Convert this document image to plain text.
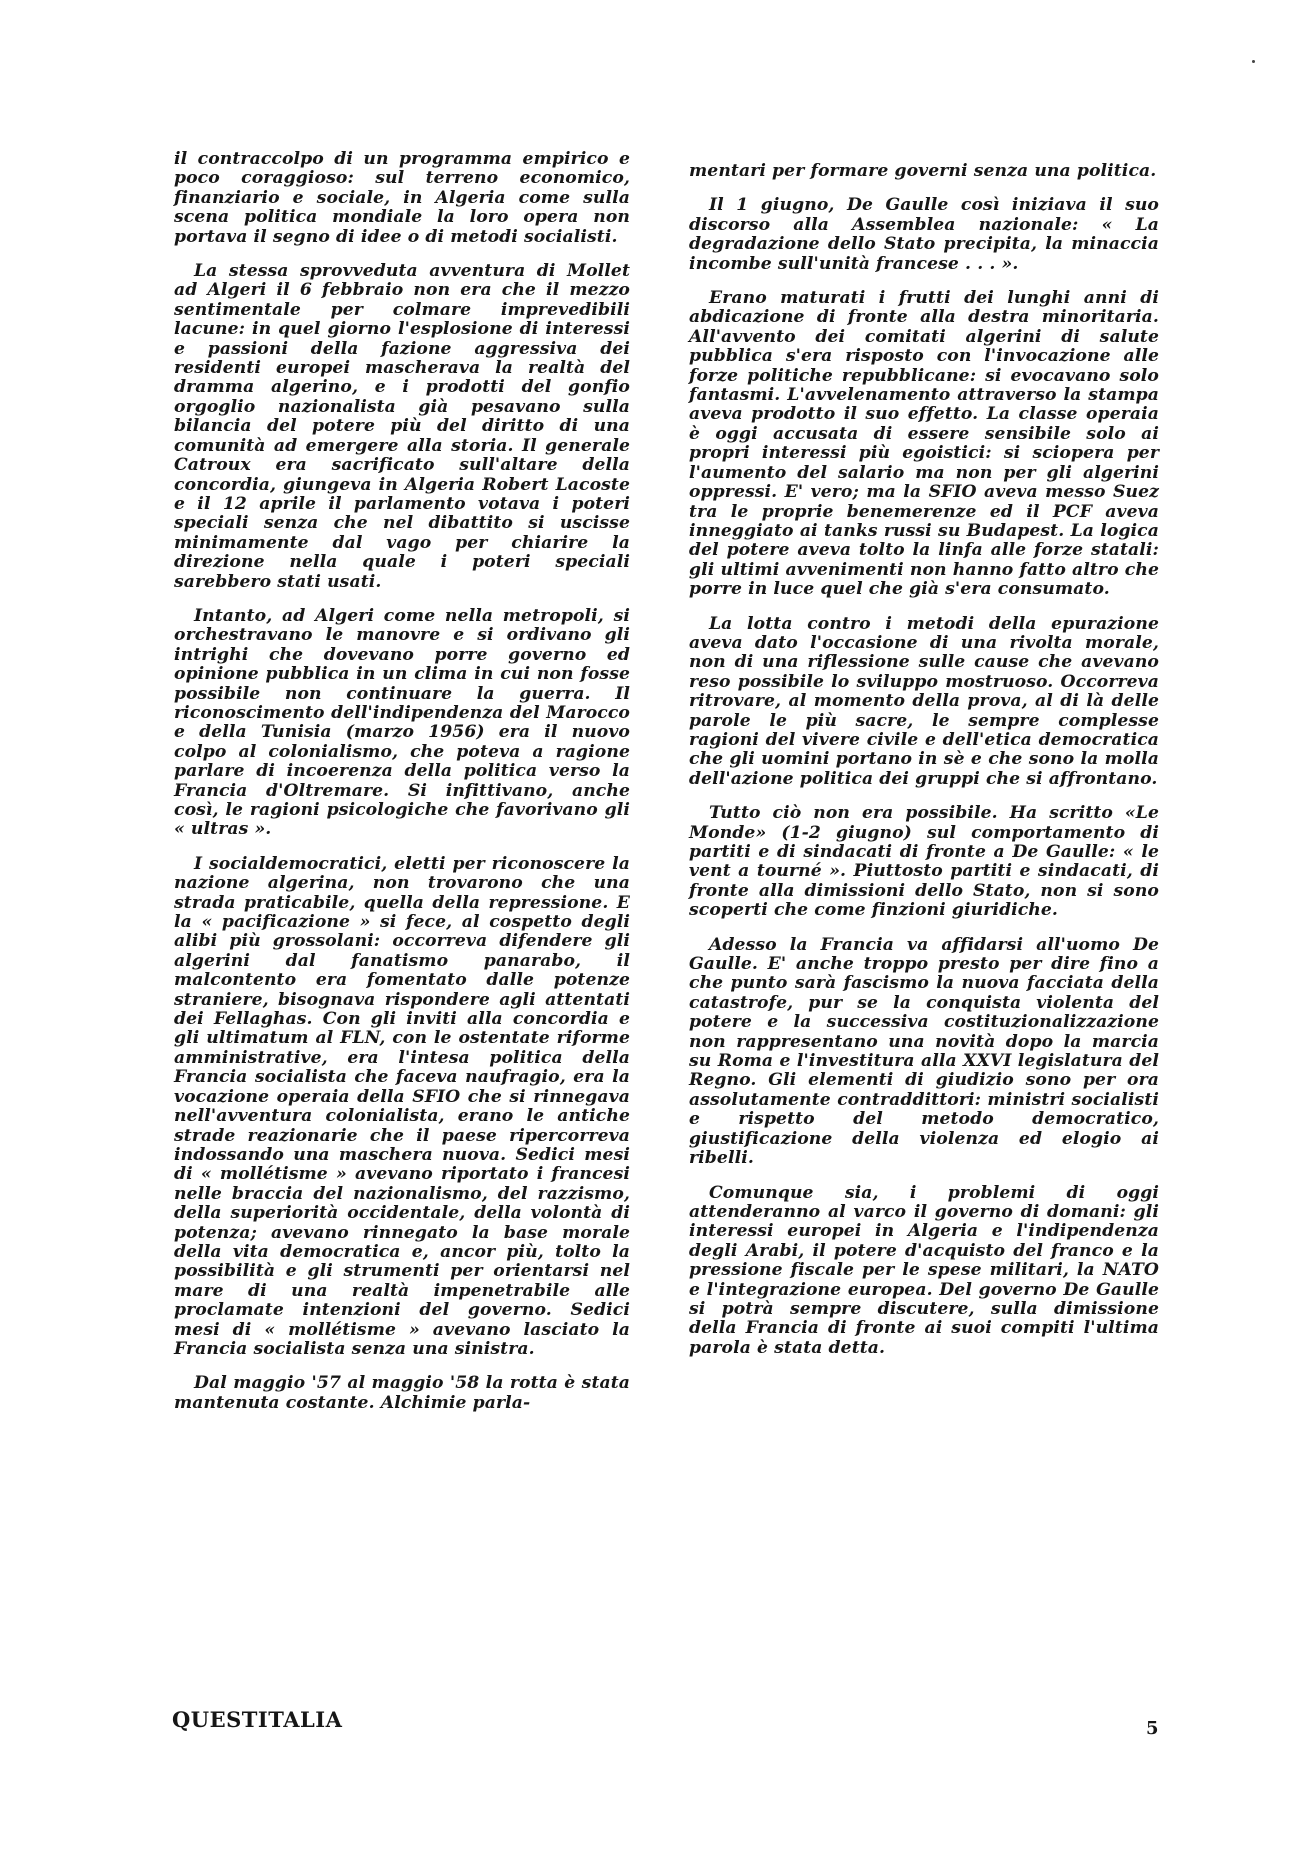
il contraccolpo di un programma empirico e poco coraggioso: sul terreno economico, finanziario e sociale, in Algeria come sulla scena politica mondiale la loro opera non portava il segno di idee o di metodi socialisti.

La stessa sprovveduta avventura di Mollet ad Algeri il 6 febbraio non era che il mezzo sentimentale per colmare imprevedibili lacune: in quel giorno l'esplosione di interessi e passioni della fazione aggressiva dei residenti europei mascherava la realtà del dramma algerino, e i prodotti del gonfio orgoglio nazionalista già pesavano sulla bilancia del potere più del diritto di una comunità ad emergere alla storia. Il generale Catroux era sacrificato sull'altare della concordia, giungeva in Algeria Robert Lacoste e il 12 aprile il parlamento votava i poteri speciali senza che nel dibattito si uscisse minimamente dal vago per chiarire la direzione nella quale i poteri speciali sarebbero stati usati.

Intanto, ad Algeri come nella metropoli, si orchestravano le manovre e si ordivano gli intrighi che dovevano porre governo ed opinione pubblica in un clima in cui non fosse possibile non continuare la guerra. Il riconoscimento dell'indipendenza del Marocco e della Tunisia (marzo 1956) era il nuovo colpo al colonialismo, che poteva a ragione parlare di incoerenza della politica verso la Francia d'Oltremare. Si infittivano, anche così, le ragioni psicologiche che favorivano gli « ultras ».

I socialdemocratici, eletti per riconoscere la nazione algerina, non trovarono che una strada praticabile, quella della repressione. E la « pacificazione » si fece, al cospetto degli alibi più grossolani: occorreva difendere gli algerini dal fanatismo panarabo, il malcontento era fomentato dalle potenze straniere, bisognava rispondere agli attentati dei Fellaghas. Con gli inviti alla concordia e gli ultimatum al FLN, con le ostentate riforme amministrative, era l'intesa politica della Francia socialista che faceva naufragio, era la vocazione operaia della SFIO che si rinnegava nell'avventura colonialista, erano le antiche strade reazionarie che il paese ripercorreva indossando una maschera nuova. Sedici mesi di « mollétisme » avevano riportato i francesi nelle braccia del nazionalismo, del razzismo, della superiorità occidentale, della volontà di potenza; avevano rinnegato la base morale della vita democratica e, ancor più, tolto la possibilità e gli strumenti per orientarsi nel mare di una realtà impenetrabile alle proclamate intenzioni del governo. Sedici mesi di « mollétisme » avevano lasciato la Francia socialista senza una sinistra.

Dal maggio '57 al maggio '58 la rotta è stata mantenuta costante. Alchimie parla-

mentari per formare governi senza una politica.

Il 1 giugno, De Gaulle così iniziava il suo discorso alla Assemblea nazionale: « La degradazione dello Stato precipita, la minaccia incombe sull'unità francese . . . ».

Erano maturati i frutti dei lunghi anni di abdicazione di fronte alla destra minoritaria. All'avvento dei comitati algerini di salute pubblica s'era risposto con l'invocazione alle forze politiche repubblicane: si evocavano solo fantasmi. L'avvelenamento attraverso la stampa aveva prodotto il suo effetto. La classe operaia è oggi accusata di essere sensibile solo ai propri interessi più egoistici: si sciopera per l'aumento del salario ma non per gli algerini oppressi. E' vero; ma la SFIO aveva messo Suez tra le proprie benemerenze ed il PCF aveva inneggiato ai tanks russi su Budapest. La logica del potere aveva tolto la linfa alle forze statali: gli ultimi avvenimenti non hanno fatto altro che porre in luce quel che già s'era consumato.

La lotta contro i metodi della epurazione aveva dato l'occasione di una rivolta morale, non di una riflessione sulle cause che avevano reso possibile lo sviluppo mostruoso. Occorreva ritrovare, al momento della prova, al di là delle parole le più sacre, le sempre complesse ragioni del vivere civile e dell'etica democratica che gli uomini portano in sè e che sono la molla dell'azione politica dei gruppi che si affrontano.

Tutto ciò non era possibile. Ha scritto «Le Monde» (1-2 giugno) sul comportamento di partiti e di sindacati di fronte a De Gaulle: « le vent a tourné ». Piuttosto partiti e sindacati, di fronte alla dimissioni dello Stato, non si sono scoperti che come finzioni giuridiche.

Adesso la Francia va affidarsi all'uomo De Gaulle. E' anche troppo presto per dire fino a che punto sarà fascismo la nuova facciata della catastrofe, pur se la conquista violenta del potere e la successiva costituzionalizzazione non rappresentano una novità dopo la marcia su Roma e l'investitura alla XXVI legislatura del Regno. Gli elementi di giudizio sono per ora assolutamente contraddittori: ministri socialisti e rispetto del metodo democratico, giustificazione della violenza ed elogio ai ribelli.

Comunque sia, i problemi di oggi attenderanno al varco il governo di domani: gli interessi europei in Algeria e l'indipendenza degli Arabi, il potere d'acquisto del franco e la pressione fiscale per le spese militari, la NATO e l'integrazione europea. Del governo De Gaulle si potrà sempre discutere, sulla dimissione della Francia di fronte ai suoi compiti l'ultima parola è stata detta.

QUESTITALIA	5
